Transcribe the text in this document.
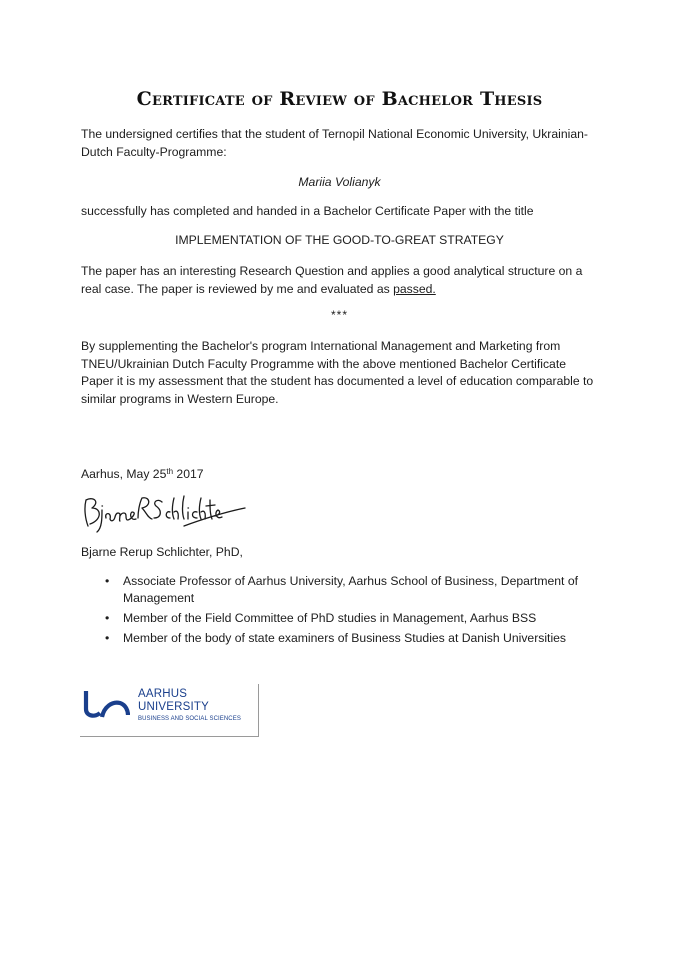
Certificate of Review of Bachelor Thesis
The undersigned certifies that the student of Ternopil National Economic University, Ukrainian-Dutch Faculty-Programme:
Mariia Volianyk
successfully has completed and handed in a Bachelor Certificate Paper with the title
IMPLEMENTATION OF THE GOOD-TO-GREAT STRATEGY
The paper has an interesting Research Question and applies a good analytical structure on a real case. The paper is reviewed by me and evaluated as passed.
***
By supplementing the Bachelor's program International Management and Marketing from TNEU/Ukrainian Dutch Faculty Programme with the above mentioned Bachelor Certificate Paper it is my assessment that the student has documented a level of education comparable to similar programs in Western Europe.
Aarhus, May 25th 2017
Bjarne Rerup Schlichter, PhD,
• Associate Professor of Aarhus University, Aarhus School of Business, Department of Management
• Member of the Field Committee of PhD studies in Management, Aarhus BSS
• Member of the body of state examiners of Business Studies at Danish Universities
AARHUS
UNIVERSITY
BUSINESS AND SOCIAL SCIENCES
